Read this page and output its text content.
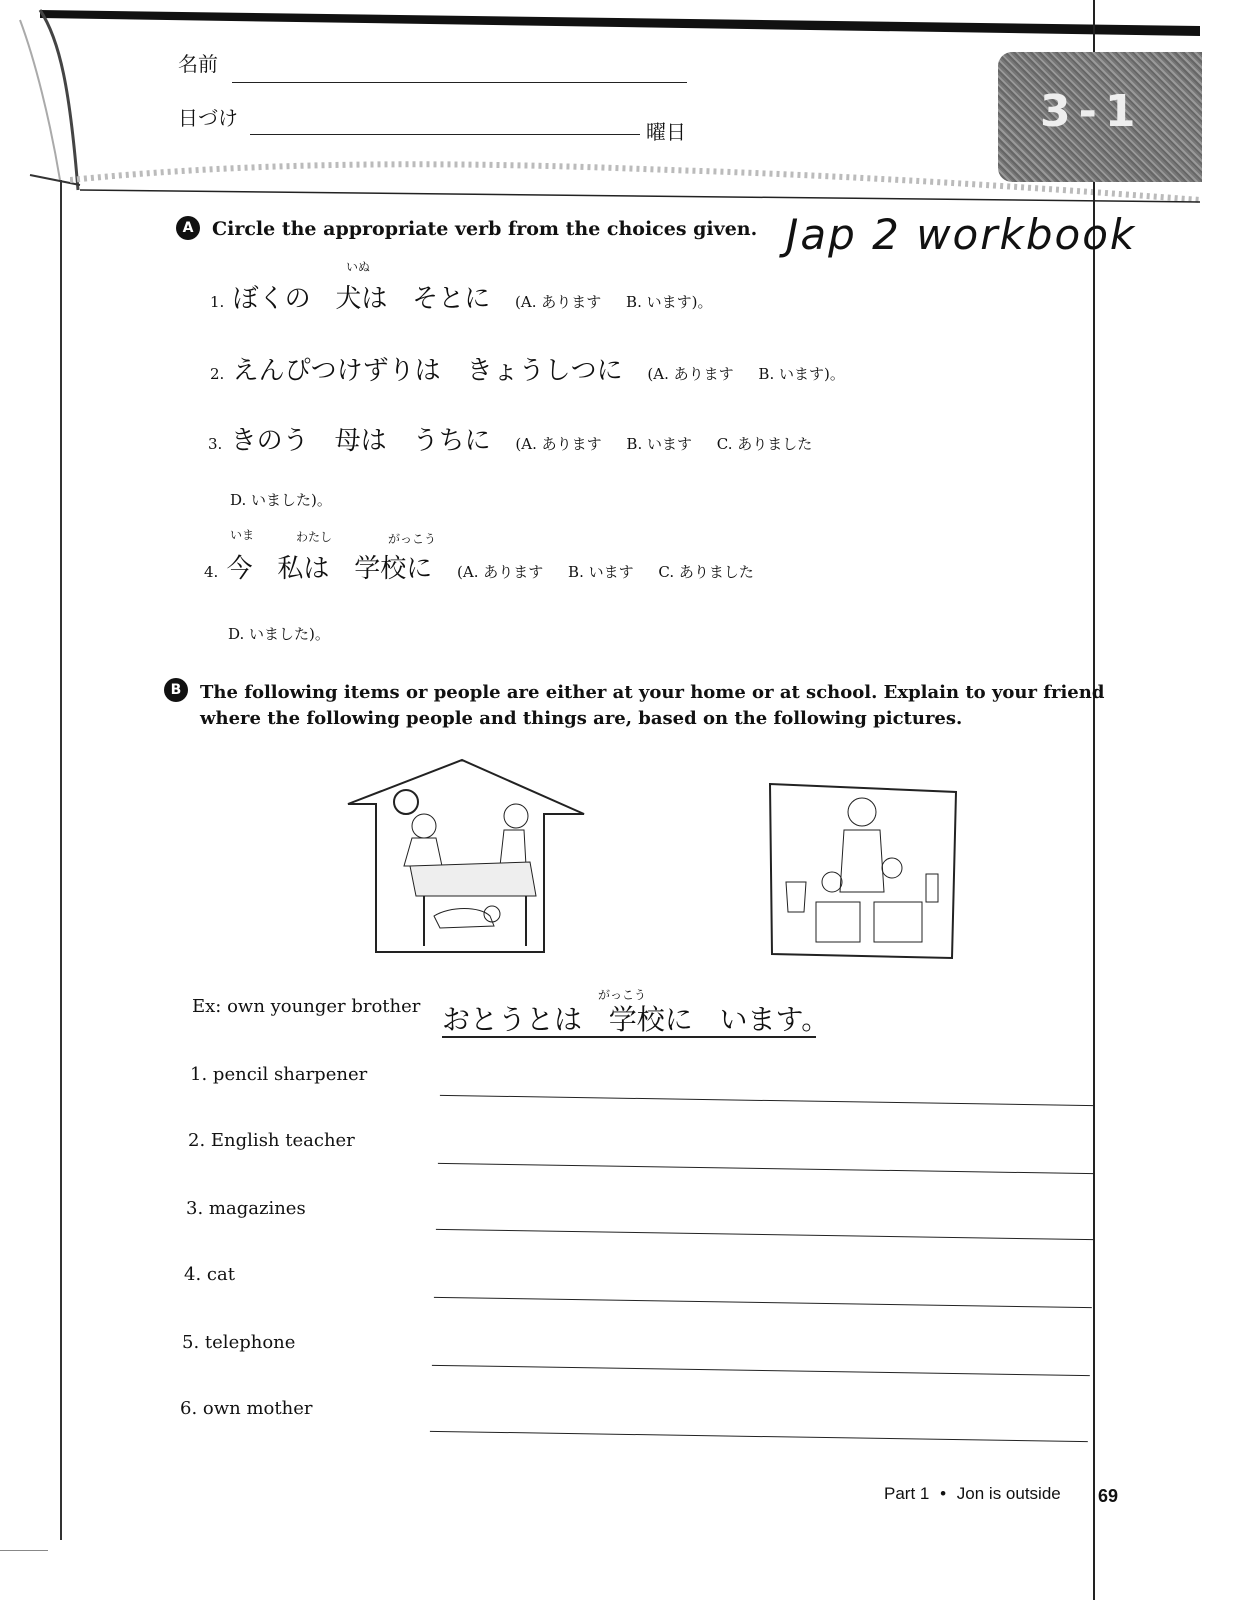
名前
日づけ
曜日	3-1
A Circle the appropriate verb from the choices given. Jap 2 workbook
1. ぼくの 犬は そとに (A. あります B. います)。
いぬ
2. えんぴつけずりは　きょうしつに (A. あります B. います)。
3. きのう　母は　うちに (A. あります B. います C. ありました
D. いました)。
いま	わたし	がっこう
4. 今 私は 学校に (A. あります B. います C. ありました
D. いました)。
B	The following items or people are either at your home or at school. Explain to your friend
where the following people and things are, based on the following pictures.
Ex: own younger brother
がっこう
おとうとは 学校に います。
1. pencil sharpener
2. English teacher
3. magazines
4. cat
5. telephone
6. own mother
Part 1 • Jon is outside 69
